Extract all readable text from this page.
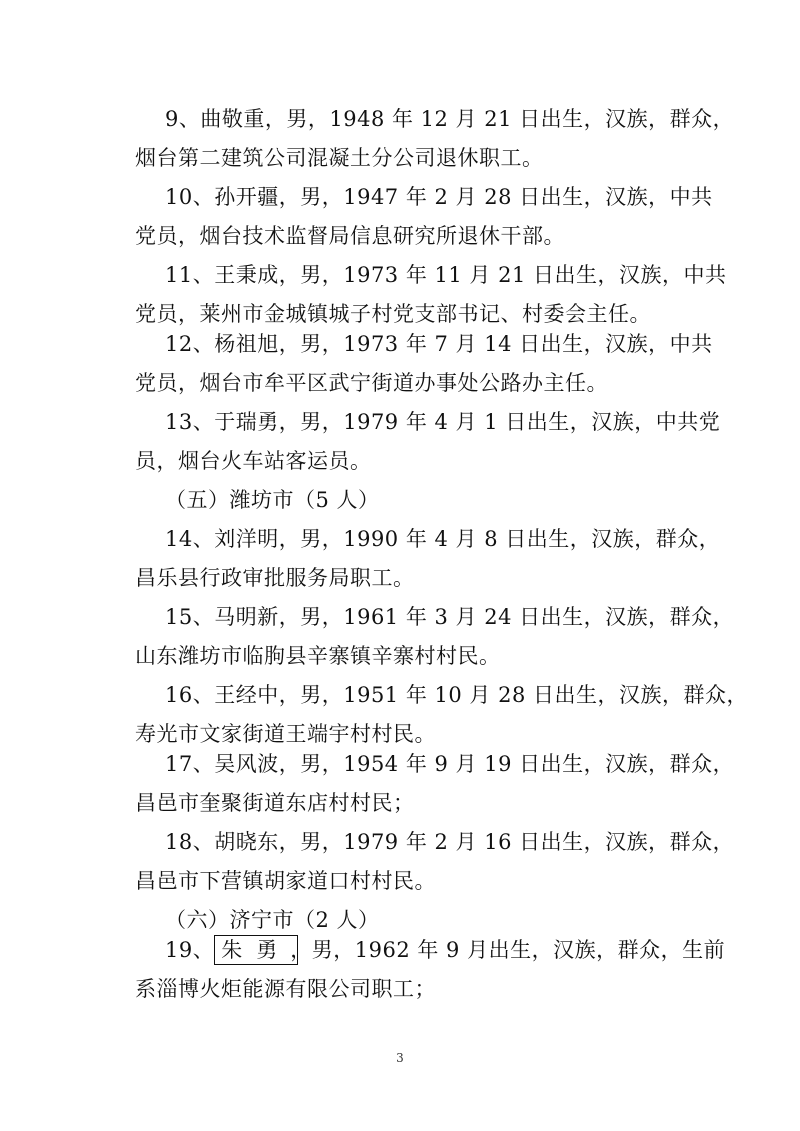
9、曲敬重，男，1948 年 12 月 21 日出生，汉族，群众，
烟台第二建筑公司混凝土分公司退休职工。
10、孙开疆，男，1947 年 2 月 28 日出生，汉族，中共
党员，烟台技术监督局信息研究所退休干部。
11、王秉成，男，1973 年 11 月 21 日出生，汉族，中共
党员，莱州市金城镇城子村党支部书记、村委会主任。
12、杨祖旭，男，1973 年 7 月 14 日出生，汉族，中共
党员，烟台市牟平区武宁街道办事处公路办主任。
13、于瑞勇，男，1979 年 4 月 1 日出生，汉族，中共党
员，烟台火车站客运员。
（五）潍坊市（5 人）
14、刘洋明，男，1990 年 4 月 8 日出生，汉族，群众，
昌乐县行政审批服务局职工。
15、马明新，男，1961 年 3 月 24 日出生，汉族，群众，
山东潍坊市临朐县辛寨镇辛寨村村民。
16、王经中，男，1951 年 10 月 28 日出生，汉族，群众，
寿光市文家街道王端宇村村民。
17、吴风波，男，1954 年 9 月 19 日出生，汉族，群众，
昌邑市奎聚街道东店村村民；
18、胡晓东，男，1979 年 2 月 16 日出生，汉族，群众，
昌邑市下营镇胡家道口村村民。
（六）济宁市（2 人）
19、 朱勇，男，1962 年 9 月出生，汉族，群众，生前
系淄博火炬能源有限公司职工；
3
